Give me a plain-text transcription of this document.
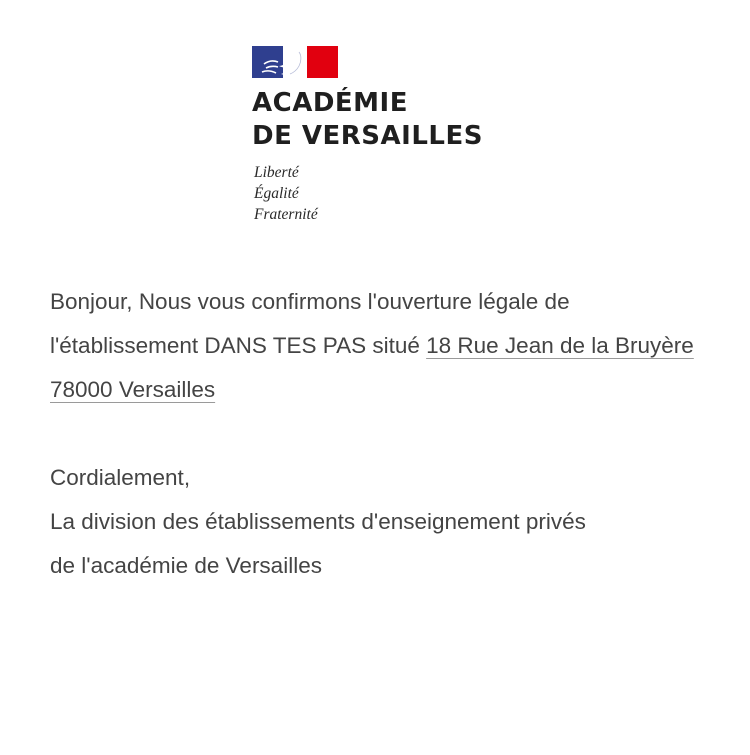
ACADÉMIE
DE VERSAILLES
Liberté
Égalité
Fraternité

Bonjour, Nous vous confirmons l'ouverture légale de l'établissement DANS TES PAS situé 18 Rue Jean de la Bruyère 78000 Versailles

Cordialement,

La division des établissements d'enseignement privés

de l'académie de Versailles
